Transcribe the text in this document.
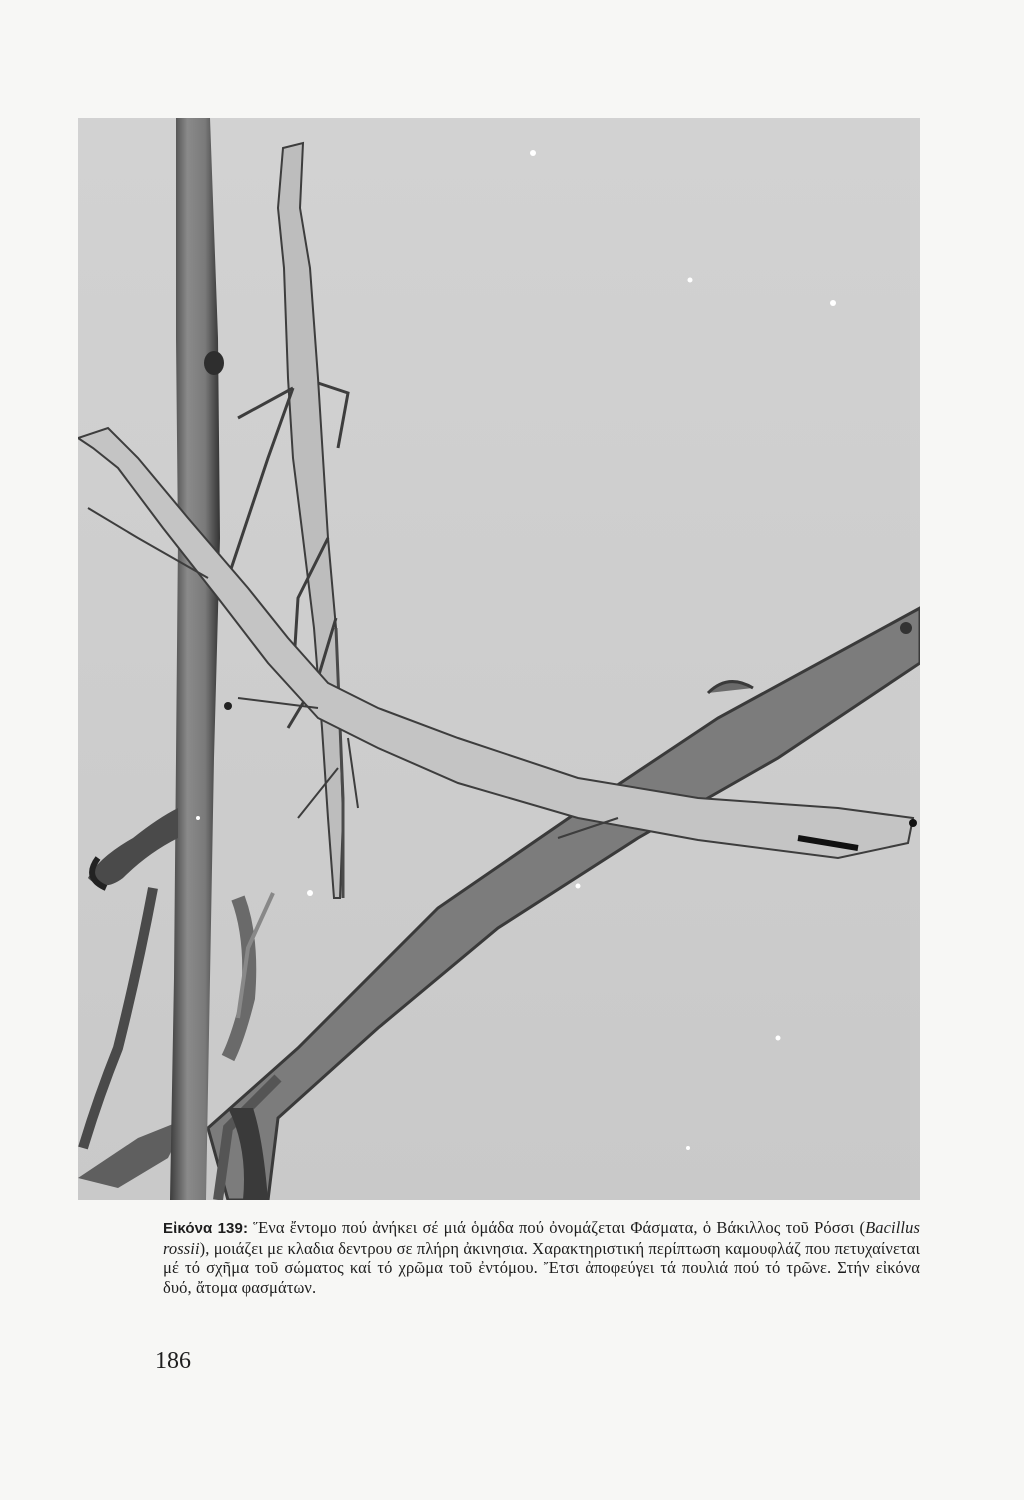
Εἰκόνα 139: Ἕνα ἔντομο πού ἀνήκει σέ μιά ὁμάδα πού ὀνομάζεται Φάσματα, ὁ Βάκιλλος τοῦ Ρόσσι (Bacillus rossii), μοιάζει με κλαδια δεντρου σε πλήρη ἀκινησια. Χαρακτηριστική περίπτωση καμουφλάζ που πετυχαίνεται μέ τό σχῆμα τοῦ σώματος καί τό χρῶμα τοῦ ἐντόμου. Ἔτσι ἀποφεύγει τά πουλιά πού τό τρῶνε. Στήν εἰκόνα δυό, ἄτομα φασμάτων.
186
